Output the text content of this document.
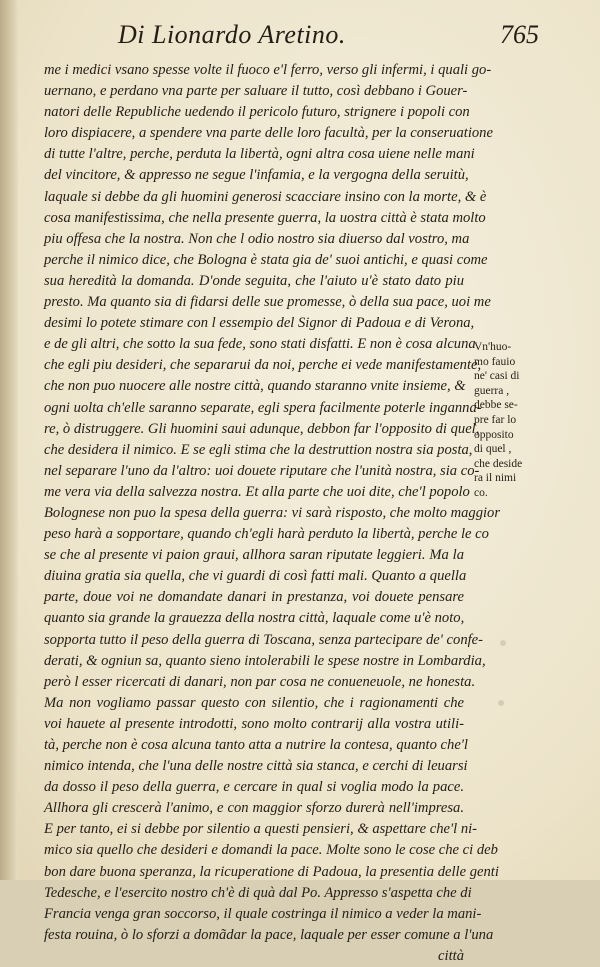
Di Lionardo Aretino.	765
me i medici vsano spesse volte il fuoco e'l ferro, verso gli infermi, i quali go-
uernano, e perdano vna parte per saluare il tutto, così debbano i Gouer-
natori delle Republiche uedendo il pericolo futuro, strignere i popoli con
loro dispiacere, a spendere vna parte delle loro facultà, per la conseruatione
di tutte l'altre, perche, perduta la libertà, ogni altra cosa uiene nelle mani
del vincitore, & appresso ne segue l'infamia, e la vergogna della seruitù,
laquale si debbe da gli huomini generosi scacciare insino con la morte, & è
cosa manifestissima, che nella presente guerra, la uostra città è stata molto
piu offesa che la nostra. Non che l odio nostro sia diuerso dal vostro, ma
perche il nimico dice, che Bologna è stata gia de' suoi antichi, e quasi come
sua heredità la domanda. D'onde seguita, che l'aiuto u'è stato dato piu
presto. Ma quanto sia di fidarsi delle sue promesse, ò della sua pace, uoi me
desimi lo potete stimare con l essempio del Signor di Padoua e di Verona,
e de gli altri, che sotto la sua fede, sono stati disfatti. E non è cosa alcuna
che egli piu desideri, che separarui da noi, perche ei vede manifestamente,
che non puo nuocere alle nostre città, quando staranno vnite insieme, &
ogni uolta ch'elle saranno separate, egli spera facilmente poterle inganna-
re, ò distruggere. Gli huomini saui adunque, debbon far l'opposito di quel,
che desidera il nimico. E se egli stima che la destruttion nostra sia posta,
nel separare l'uno da l'altro: uoi douete riputare che l'unità nostra, sia co-
me vera via della salvezza nostra. Et alla parte che uoi dite, che'l popolo
Bolognese non puo la spesa della guerra: vi sarà risposto, che molto maggior
peso harà a sopportare, quando ch'egli harà perduto la libertà, perche le co
se che al presente vi paion graui, allhora saran riputate leggieri. Ma la
diuina gratia sia quella, che vi guardi di così fatti mali. Quanto a quella
parte, doue voi ne domandate danari in prestanza, voi douete pensare
quanto sia grande la grauezza della nostra città, laquale come u'è noto,
sopporta tutto il peso della guerra di Toscana, senza partecipare de' confe-
derati, & ogniun sa, quanto sieno intolerabili le spese nostre in Lombardia,
però l esser ricercati di danari, non par cosa ne conueneuole, ne honesta.
Ma non vogliamo passar questo con silentio, che i ragionamenti che
voi hauete al presente introdotti, sono molto contrarij alla vostra utili-
tà, perche non è cosa alcuna tanto atta a nutrire la contesa, quanto che'l
nimico intenda, che l'una delle nostre città sia stanca, e cerchi di leuarsi
da dosso il peso della guerra, e cercare in qual si voglia modo la pace.
Allhora gli crescerà l'animo, e con maggior sforzo durerà nell'impresa.
E per tanto, ei si debbe por silentio a questi pensieri, & aspettare che'l ni-
mico sia quello che desideri e domandi la pace. Molte sono le cose che ci deb
bon dare buona speranza, la ricuperatione di Padoua, la presentia delle genti
Tedesche, e l'esercito nostro ch'è di quà dal Po. Appresso s'aspetta che di
Francia venga gran soccorso, il quale costringa il nimico a veder la mani-
festa rouina, ò lo sforzi a domãdar la pace, laquale per esser comune a l'una
città
Vn'huo-
mo fauio
ne' casi di
guerra ,
debbe se-
pre far lo
opposito
di quel ,
che deside
ra il nimi
co.
